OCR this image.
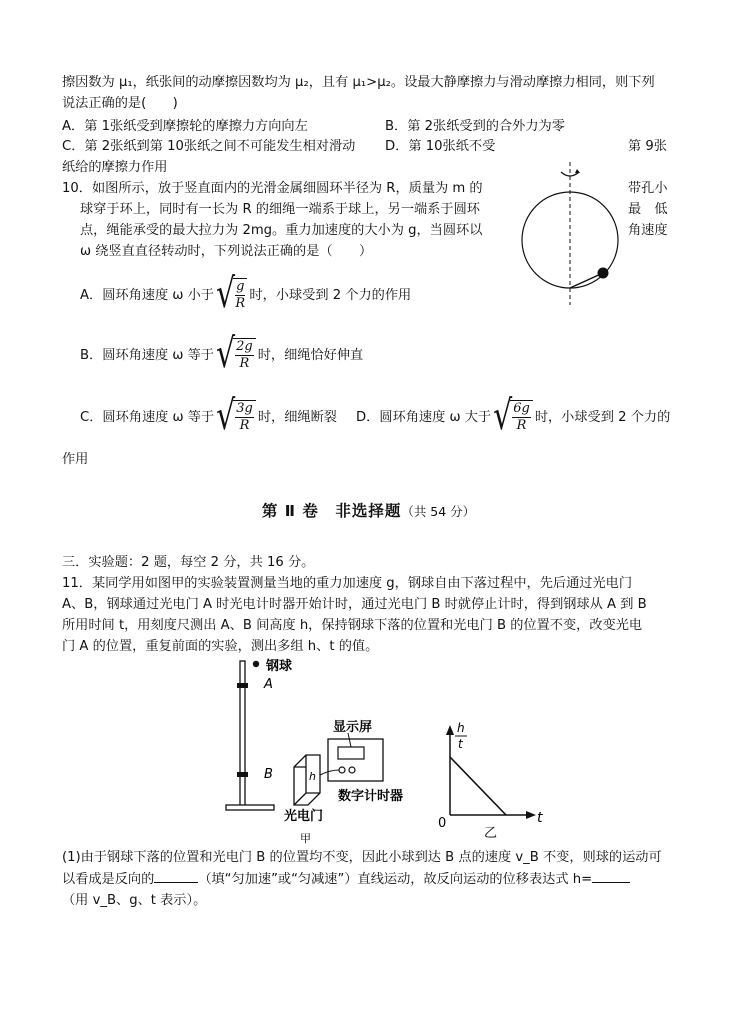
擦因数为 μ₁，纸张间的动摩擦因数均为 μ₂，且有 μ₁>μ₂。设最大静摩擦力与滑动摩擦力相同，则下列
说法正确的是(　　)
A．第 1张纸受到摩擦轮的摩擦力方向向左	B．第 2张纸受到的合外力为零
C．第 2张纸到第 10张纸之间不可能发生相对滑动 D．第 10张纸不受	第 9张
纸给的摩擦力作用
10．如图所示，放于竖直面内的光滑金属细圆环半径为 R，质量为 m 的	带孔小
球穿于环上，同时有一长为 R 的细绳一端系于球上，另一端系于圆环	最　低
点，绳能承受的最大拉力为 2mg。重力加速度的大小为 g，当圆环以	角速度
ω 绕竖直直径转动时，下列说法正确的是（　　）
A．圆环角速度 ω 小于 √
$\frac{g}{R}$ 时，小球受到 2 个力的作用
B．圆环角速度 ω 等于 √
$\frac{2g}{R}$ 时，细绳恰好伸直
C．圆环角速度 ω 等于 √
$\frac{3g}{R}$ 时，细绳断裂 D．圆环角速度 ω 大于 √
$\frac{6g}{R}$ 时，小球受到 2 个力的
作用
第 Ⅱ 卷　非选择题（共 54 分）
三．实验题：2 题，每空 2 分，共 16 分。
11．某同学用如图甲的实验装置测量当地的重力加速度 g，钢球自由下落过程中，先后通过光电门
A、B，钢球通过光电门 A 时光电计时器开始计时，通过光电门 B 时就停止计时，得到钢球从 A 到 B
所用时间 t，用刻度尺测出 A、B 间高度 h，保持钢球下落的位置和光电门 B 的位置不变，改变光电
门 A 的位置，重复前面的实验，测出多组 h、t 的值。
钢球
A
B	h
光电门
甲
显示屏
数字计时器
h
t
0	t
乙
(1)由于钢球下落的位置和光电门 B 的位置均不变，因此小球到达 B 点的速度 v_B 不变，则球的运动可
以看成是反向的	（填“匀加速”或“匀减速”）直线运动，故反向运动的位移表达式 h=
（用 v_B、g、t 表示）。
